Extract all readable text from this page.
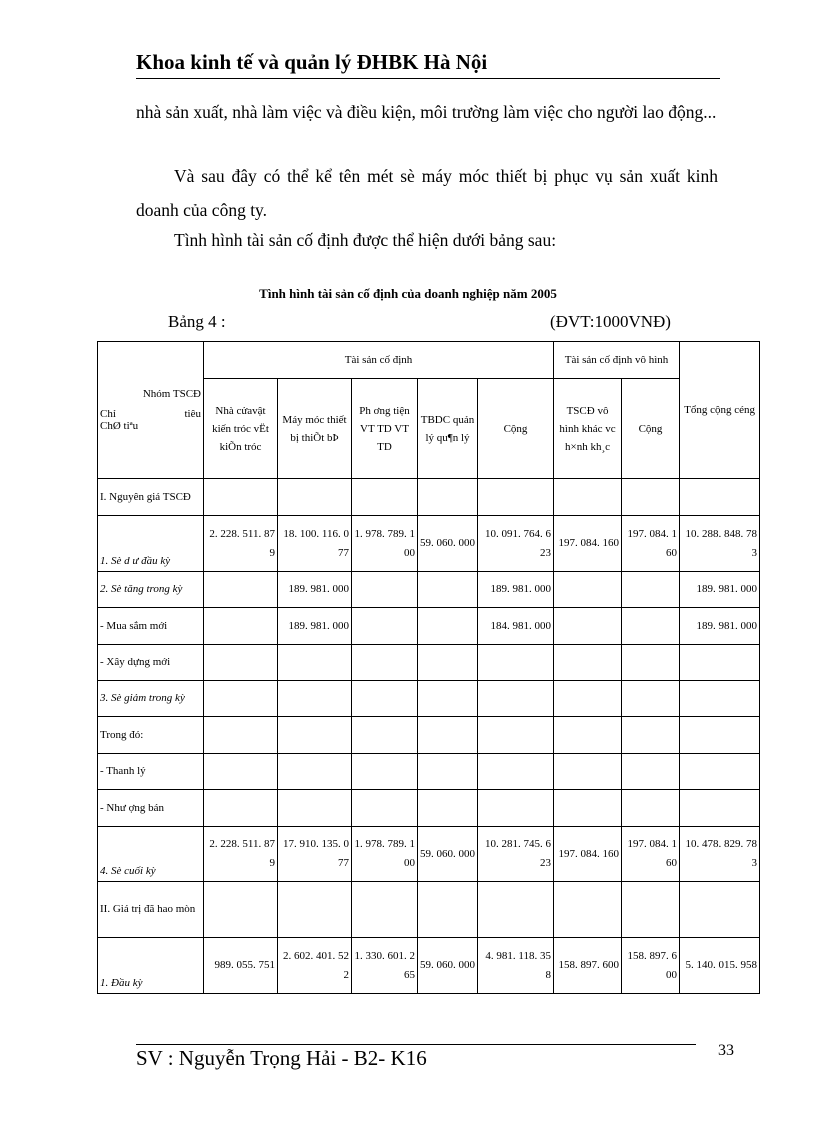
Khoa kinh tế và quản lý ĐHBK Hà Nội
nhà sản xuất, nhà làm việc và điều kiện, môi trường làm việc cho người lao động...
Và sau đây có thể kể tên mét sè máy móc thiết bị phục vụ sản xuất kinh doanh của công ty.
Tình hình tài sản cố định được thể hiện dưới bảng sau:
Tình hình tài sản cố định của doanh nghiệp năm 2005
Bảng 4 :	(ĐVT:1000VNĐ)
Nhóm TSCĐ
Chỉ tiêu
ChØ tiªu	Tài sản cố định					Tài sản cố định vô hình		Tổng cộng céng
	Nhà cửavật kiến tróc vËt kiÕn tróc	Máy móc thiết bị thiÕt bÞ	Ph ơng tiện VT TD VT TD	TBDC quản lý qu¶n lý	Cộng	TSCĐ vô hình khác vc h×nh kh¸c	Cộng	
I. Nguyên giá TSCĐ								
1. Sè d ư đầu kỳ	2. 228. 511. 879	18. 100. 116. 077	1. 978. 789. 100	59. 060. 000	10. 091. 764. 623	197. 084. 160	197. 084. 160	10. 288. 848. 783
2. Sè tăng trong kỳ		189. 981. 000			189. 981. 000			189. 981. 000
- Mua sắm mới		189. 981. 000			184. 981. 000			189. 981. 000
- Xây dựng mới								
3. Sè giảm trong kỳ								
Trong đó:								
- Thanh lý								
- Như ợng bán								
4. Sè cuối kỳ	2. 228. 511. 879	17. 910. 135. 077	1. 978. 789. 100	59. 060. 000	10. 281. 745. 623	197. 084. 160	197. 084. 160	10. 478. 829. 783
II. Giá trị đã hao mòn								
1. Đầu kỳ	989. 055. 751	2. 602. 401. 522	1. 330. 601. 265	59. 060. 000	4. 981. 118. 358	158. 897. 600	158. 897. 600	5. 140. 015. 958
SV : Nguyễn Trọng Hải - B2- K16	33
